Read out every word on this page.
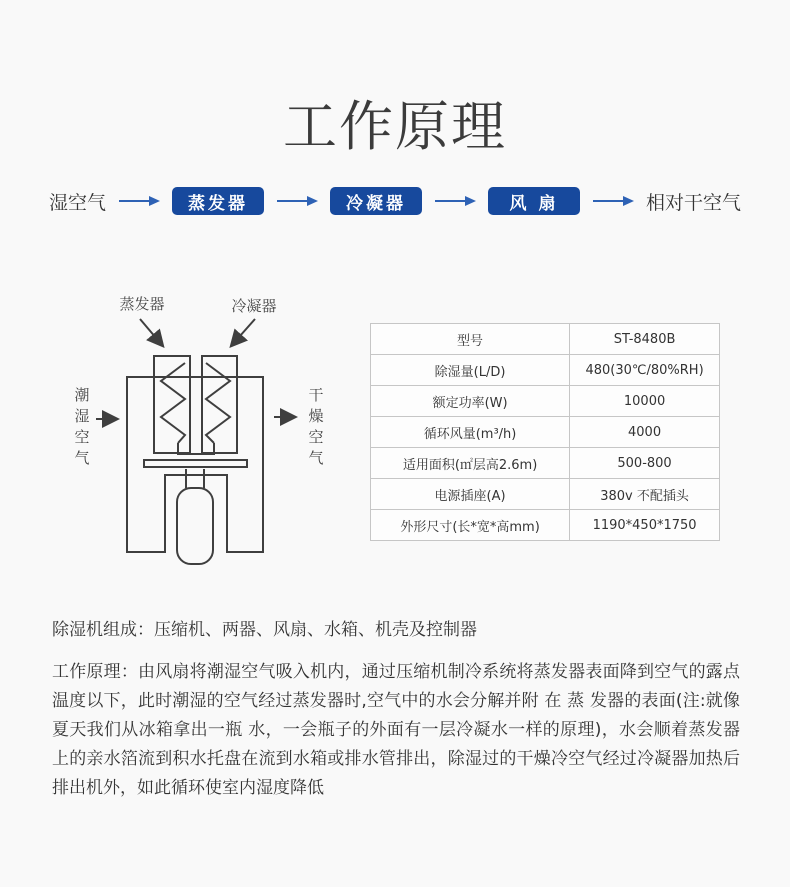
工作原理
湿空气	蒸发器	冷凝器	风 扇	相对干空气
蒸发器	冷凝器
潮湿空气
干燥空气
型号	ST-8480B
除湿量(L/D)	480(30℃/80%RH)
额定功率(W)	10000
循环风量(m³/h)	4000
适用面积(㎡层高2.6m)	500-800
电源插座(A)	380v 不配插头
外形尺寸(长*宽*高mm)	1190*450*1750

除湿机组成：压缩机、两器、风扇、水箱、机壳及控制器

工作原理：由风扇将潮湿空气吸入机内，通过压缩机制冷系统将蒸发器表面降到空气的露点温度以下，此时潮湿的空气经过蒸发器时,空气中的水会分解并附 在 蒸 发器的表面(注:就像夏天我们从冰箱拿出一瓶 水，一会瓶子的外面有一层冷凝水一样的原理)，水会顺着蒸发器上的亲水箔流到积水托盘在流到水箱或排水管排出，除湿过的干燥冷空气经过冷凝器加热后排出机外，如此循环使室内湿度降低
